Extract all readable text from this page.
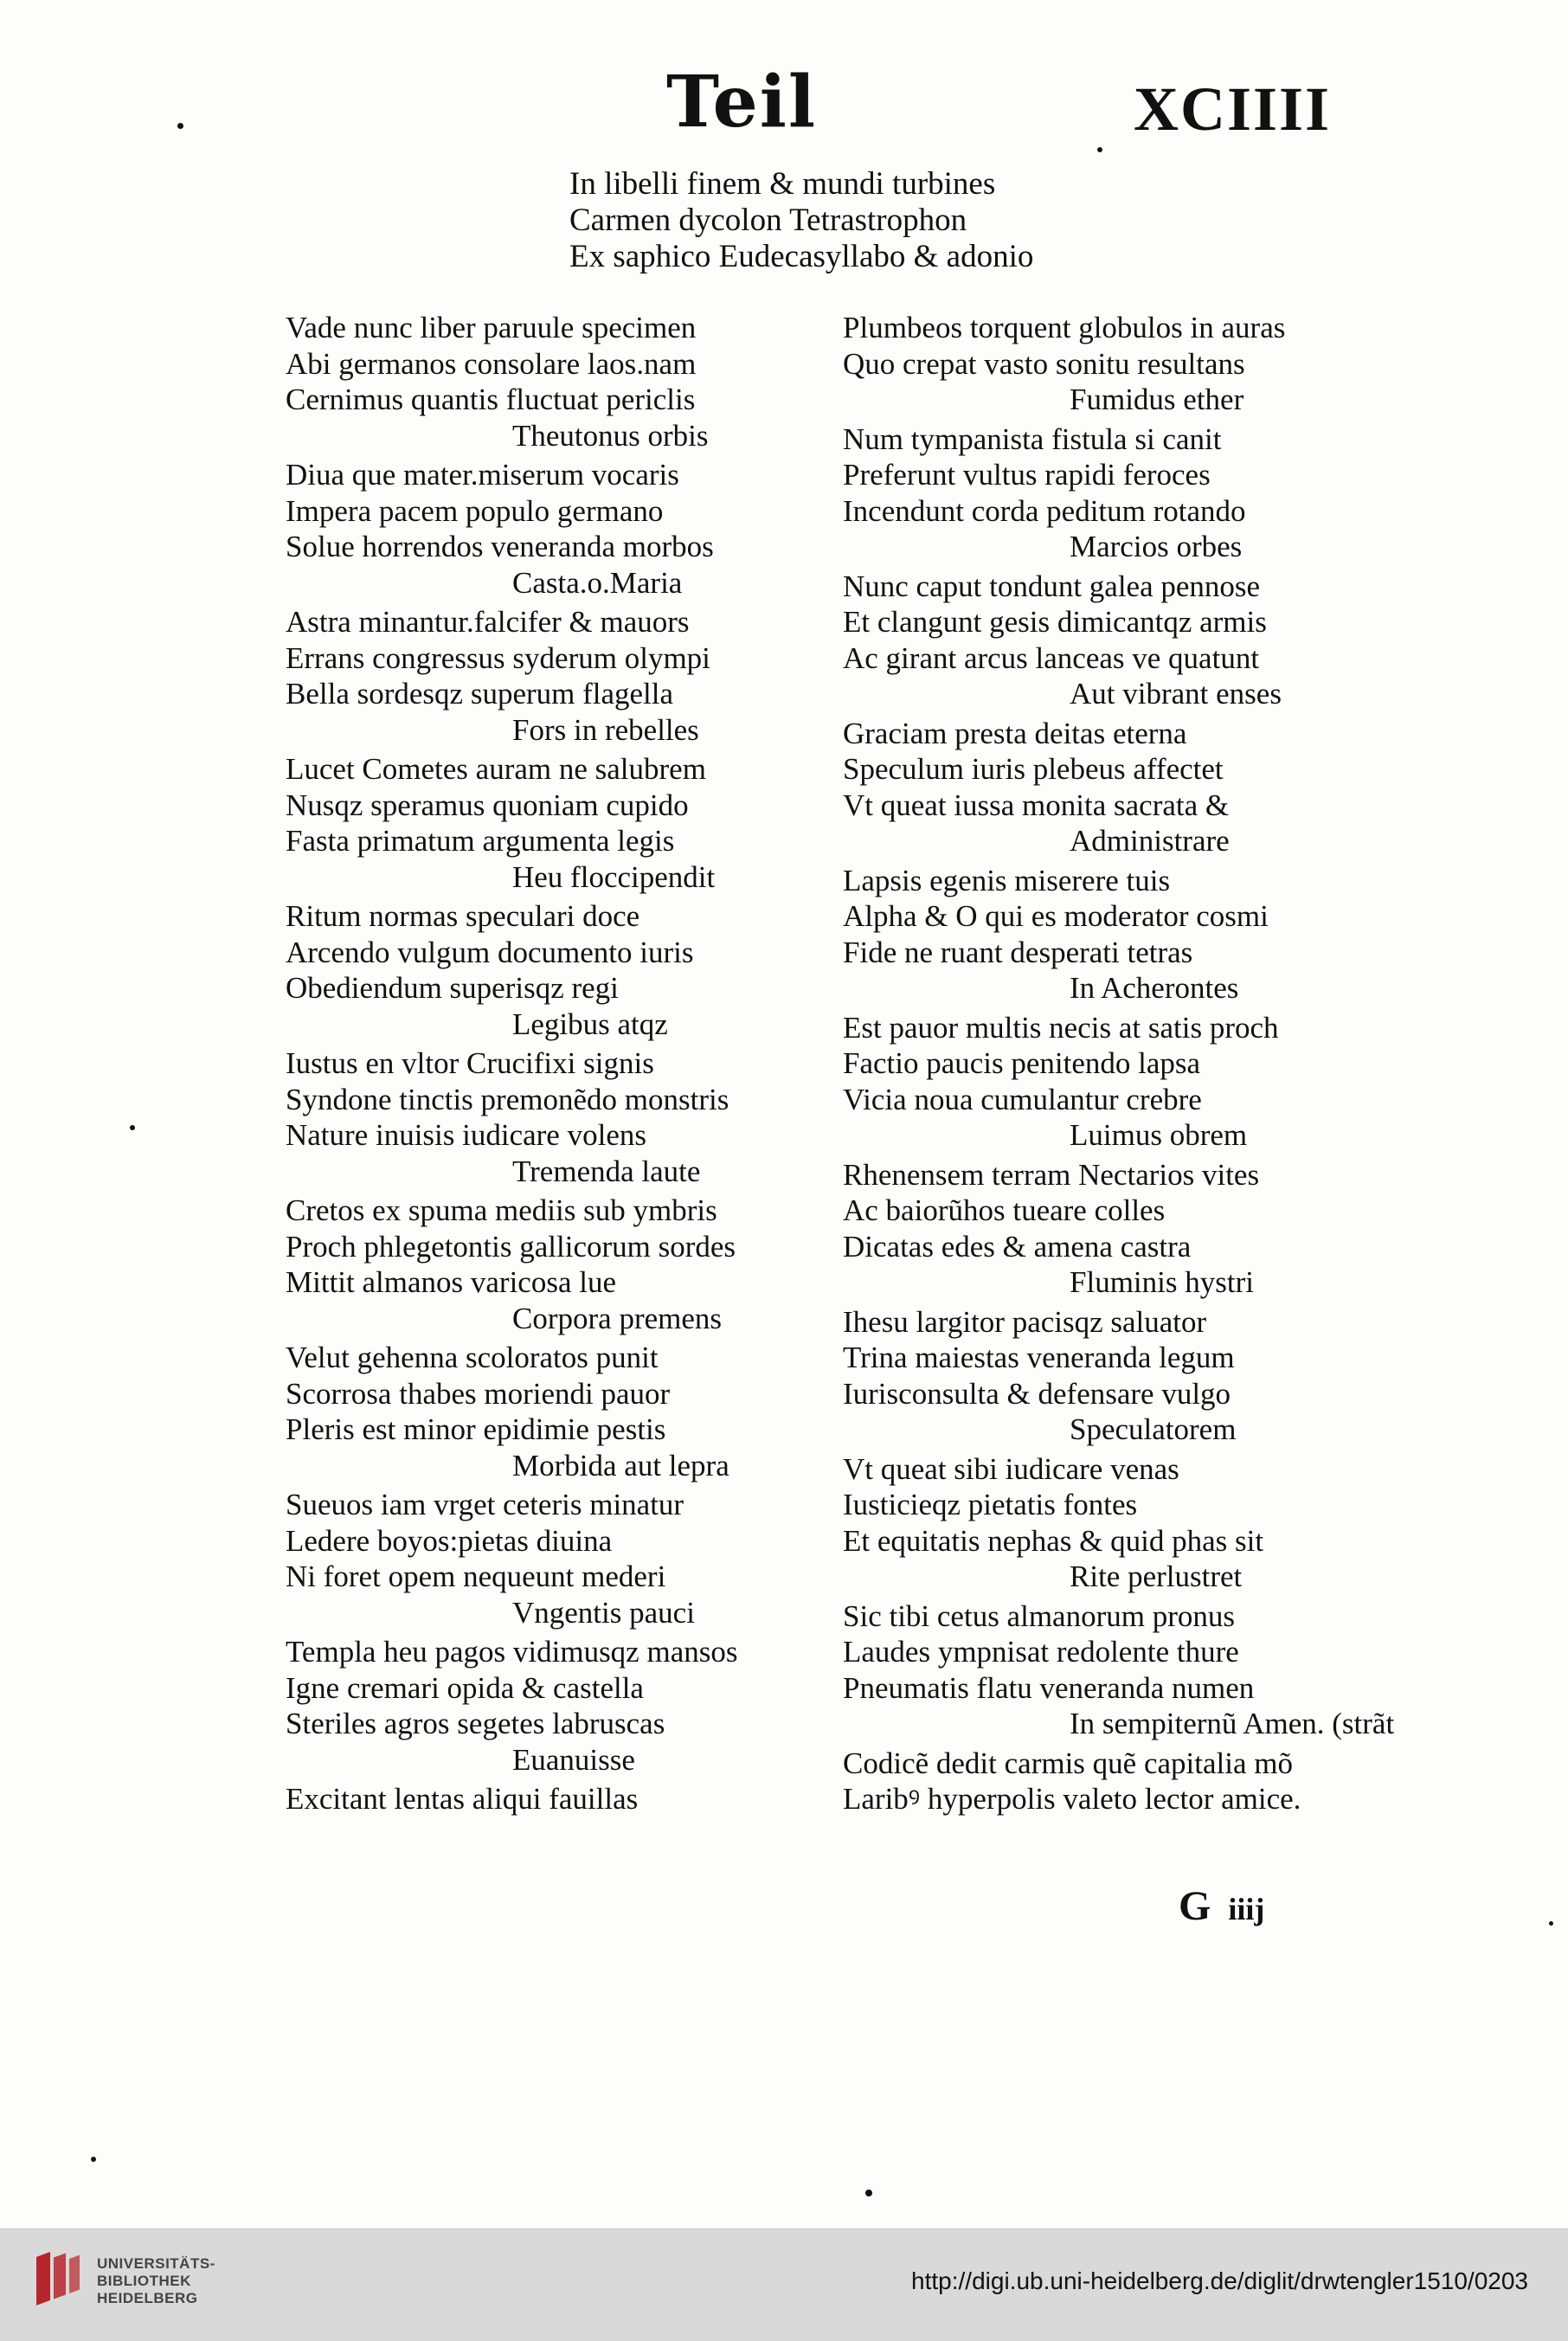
Teil	XCIIII
In libelli finem & mundi turbines
Carmen dycolon Tetrastrophon
Ex saphico Eudecasyllabo & adonio
Vade nunc liber paruule specimen
Abi germanos consolare laos.nam
Cernimus quantis fluctuat periclis
Theutonus orbis
Diua que mater.miserum vocaris
Impera pacem populo germano
Solue horrendos veneranda morbos
Casta.o.Maria
Astra minantur.falcifer & mauors
Errans congressus syderum olympi
Bella sordesqz superum flagella
Fors in rebelles
Lucet Cometes auram ne salubrem
Nusqz speramus quoniam cupido
Fasta primatum argumenta legis
Heu floccipendit
Ritum normas speculari doce
Arcendo vulgum documento iuris
Obediendum superisqz regi
Legibus atqz
Iustus en vltor Crucifixi signis
Syndone tinctis premonẽdo monstris
Nature inuisis iudicare volens
Tremenda laute
Cretos ex spuma mediis sub ymbris
Proch phlegetontis gallicorum sordes
Mittit almanos varicosa lue
Corpora premens
Velut gehenna scoloratos punit
Scorrosa thabes moriendi pauor
Pleris est minor epidimie pestis
Morbida aut lepra
Sueuos iam vrget ceteris minatur
Ledere boyos:pietas diuina
Ni foret opem nequeunt mederi
Vngentis pauci
Templa heu pagos vidimusqz mansos
Igne cremari opida & castella
Steriles agros segetes labruscas
Euanuisse
Excitant lentas aliqui fauillas
Plumbeos torquent globulos in auras
Quo crepat vasto sonitu resultans
Fumidus ether
Num tympanista fistula si canit
Preferunt vultus rapidi feroces
Incendunt corda peditum rotando
Marcios orbes
Nunc caput tondunt galea pennose
Et clangunt gesis dimicantqz armis
Ac girant arcus lanceas ve quatunt
Aut vibrant enses
Graciam presta deitas eterna
Speculum iuris plebeus affectet
Vt queat iussa monita sacrata &
Administrare
Lapsis egenis miserere tuis
Alpha & O qui es moderator cosmi
Fide ne ruant desperati tetras
In Acherontes
Est pauor multis necis at satis proch
Factio paucis penitendo lapsa
Vicia noua cumulantur crebre
Luimus obrem
Rhenensem terram Nectarios vites
Ac baiorũhos tueare colles
Dicatas edes & amena castra
Fluminis hystri
Ihesu largitor pacisqz saluator
Trina maiestas veneranda legum
Iurisconsulta & defensare vulgo
Speculatorem
Vt queat sibi iudicare venas
Iusticieqz pietatis fontes
Et equitatis nephas & quid phas sit
Rite perlustret
Sic tibi cetus almanorum pronus
Laudes ympnisat redolente thure
Pneumatis flatu veneranda numen
In sempiternũ Amen. (strãt
Codicẽ dedit carmis quẽ capitalia mõ
Laribꝰ hyperpolis valeto lector amice.
G iiij
UNIVERSITÄTS-
BIBLIOTHEK
HEIDELBERG
http://digi.ub.uni-heidelberg.de/diglit/drwtengler1510/0203
